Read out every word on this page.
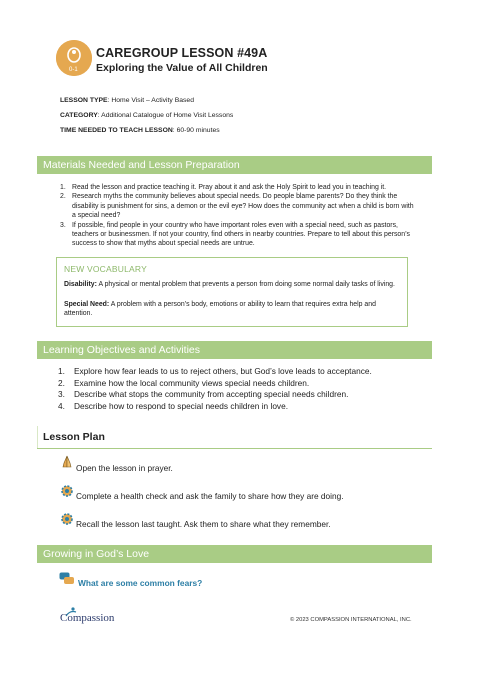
0-1
CAREGROUP LESSON #49A
Exploring the Value of All Children
LESSON TYPE: Home Visit – Activity Based
CATEGORY: Additional Catalogue of Home Visit Lessons
TIME NEEDED TO TEACH LESSON: 60-90 minutes
Materials Needed and Lesson Preparation
1. Read the lesson and practice teaching it. Pray about it and ask the Holy Spirit to lead you in teaching it.
2. Research myths the community believes about special needs. Do people blame parents? Do they think the disability is punishment for sins, a demon or the evil eye? How does the community act when a child is born with a special need?
3. If possible, find people in your country who have important roles even with a special need, such as pastors, teachers or businessmen. If not your country, find others in nearby countries. Prepare to tell about this person’s success to show that myths about special needs are untrue.
NEW VOCABULARY
Disability: A physical or mental problem that prevents a person from doing some normal daily tasks of living.
Special Need: A problem with a person’s body, emotions or ability to learn that requires extra help and attention.
Learning Objectives and Activities
1. Explore how fear leads to us to reject others, but God’s love leads to acceptance.
2. Examine how the local community views special needs children.
3. Describe what stops the community from accepting special needs children.
4. Describe how to respond to special needs children in love.
Lesson Plan
Open the lesson in prayer.
Complete a health check and ask the family to share how they are doing.
Recall the lesson last taught. Ask them to share what they remember.
Growing in God’s Love
What are some common fears?
Compassion	© 2023 COMPASSION INTERNATIONAL, INC.
